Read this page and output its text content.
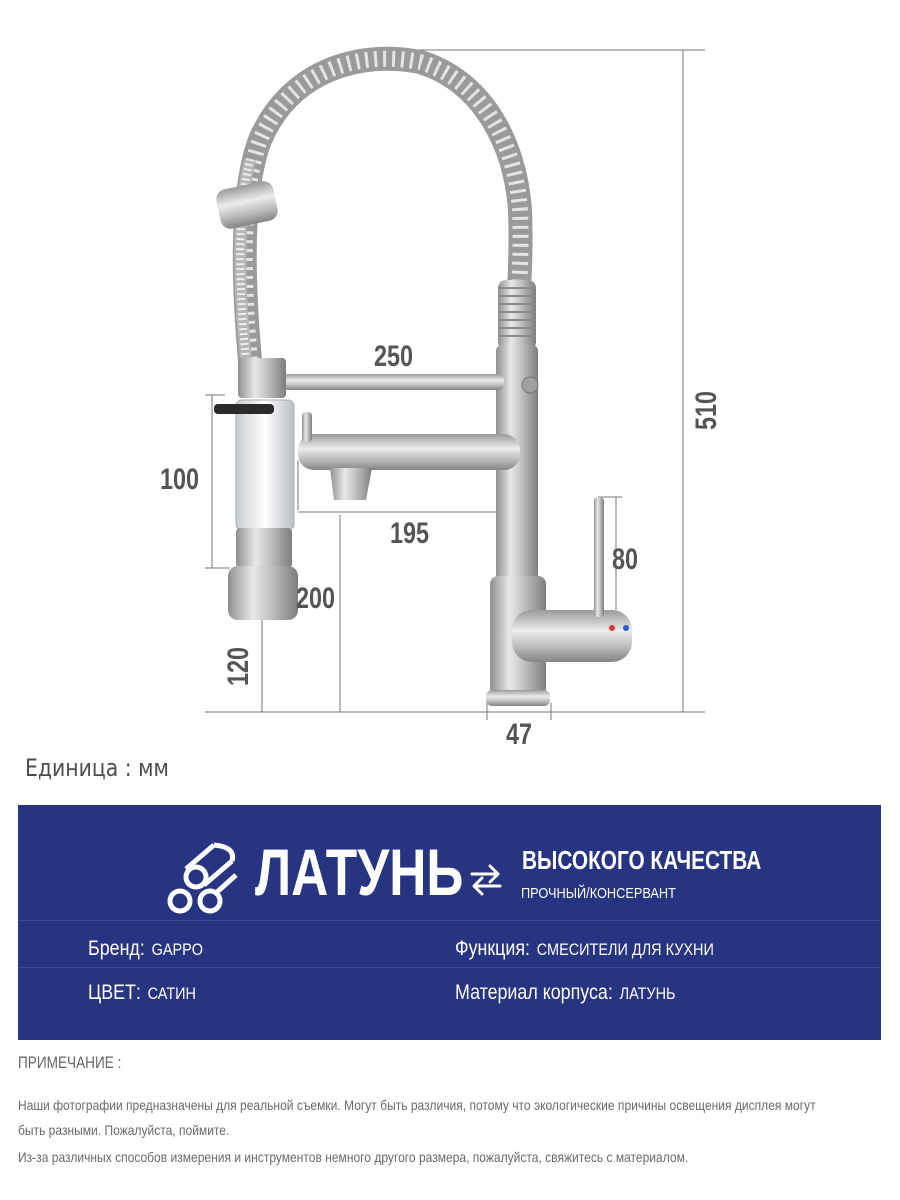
250
100
195
80
200
47
120
510
Единица : мм
ЛАТУНЬ ВЫСОКОГО КАЧЕСТВА
ПРОЧНЫЙ/КОНСЕРВАНТ
Бренд: GAPPO	Функция: СМЕСИТЕЛИ ДЛЯ КУХНИ
ЦВЕТ: САТИН	Материал корпуса: ЛАТУНЬ
ПРИМЕЧАНИЕ :
Наши фотографии предназначены для реальной съемки. Могут быть различия, потому что экологические причины освещения дисплея могут
быть разными. Пожалуйста, поймите.
Из-за различных способов измерения и инструментов немного другого размера, пожалуйста, свяжитесь с материалом.
